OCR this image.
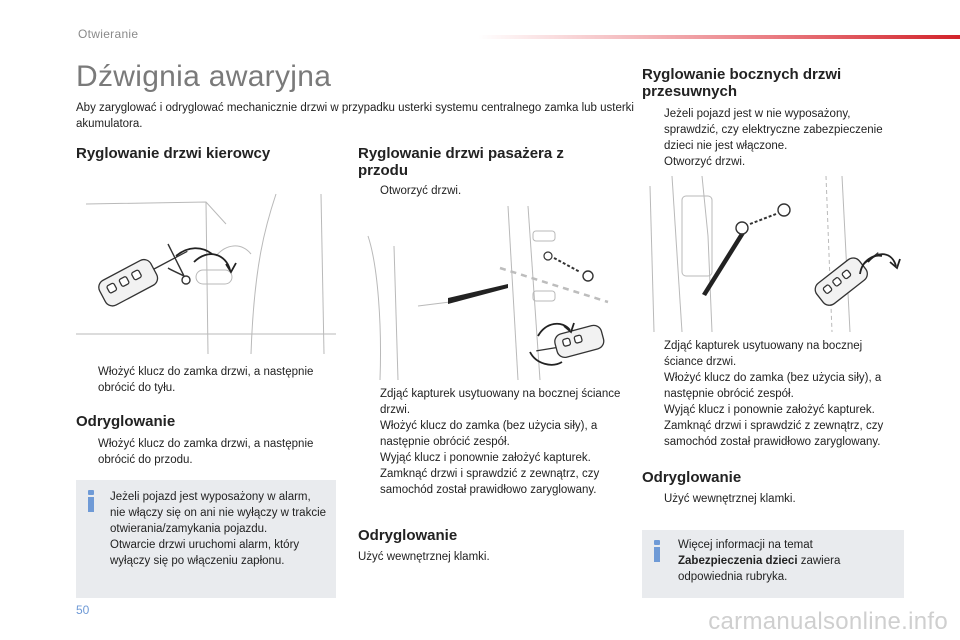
Otwieranie
Dźwignia awaryjna

Aby zaryglować i odryglować mechanicznie drzwi w przypadku usterki systemu centralnego zamka lub usterki akumulatora.

Ryglowanie drzwi kierowcy
Włożyć klucz do zamka drzwi, a następnie obrócić do tyłu.
Odryglowanie
Włożyć klucz do zamka drzwi, a następnie obrócić do przodu.
Jeżeli pojazd jest wyposażony w alarm, nie włączy się on ani nie wyłączy w trakcie otwierania/zamykania pojazdu.
Otwarcie drzwi uruchomi alarm, który wyłączy się po włączeniu zapłonu.
Ryglowanie drzwi pasażera z przodu
Otworzyć drzwi.
Zdjąć kapturek usytuowany na bocznej ściance drzwi.
Włożyć klucz do zamka (bez użycia siły), a następnie obrócić zespół.
Wyjąć klucz i ponownie założyć kapturek.
Zamknąć drzwi i sprawdzić z zewnątrz, czy samochód został prawidłowo zaryglowany.
Odryglowanie

Użyć wewnętrznej klamki.

Ryglowanie bocznych drzwi przesuwnych
Jeżeli pojazd jest w nie wyposażony, sprawdzić, czy elektryczne zabezpieczenie dzieci nie jest włączone.
Otworzyć drzwi.
Zdjąć kapturek usytuowany na bocznej ściance drzwi.
Włożyć klucz do zamka (bez użycia siły), a następnie obrócić zespół.
Wyjąć klucz i ponownie założyć kapturek.
Zamknąć drzwi i sprawdzić z zewnątrz, czy samochód został prawidłowo zaryglowany.
Odryglowanie
Użyć wewnętrznej klamki.
Więcej informacji na temat
Zabezpieczenia dzieci zawiera odpowiednia rubryka.
50	carmanualsonline.info
